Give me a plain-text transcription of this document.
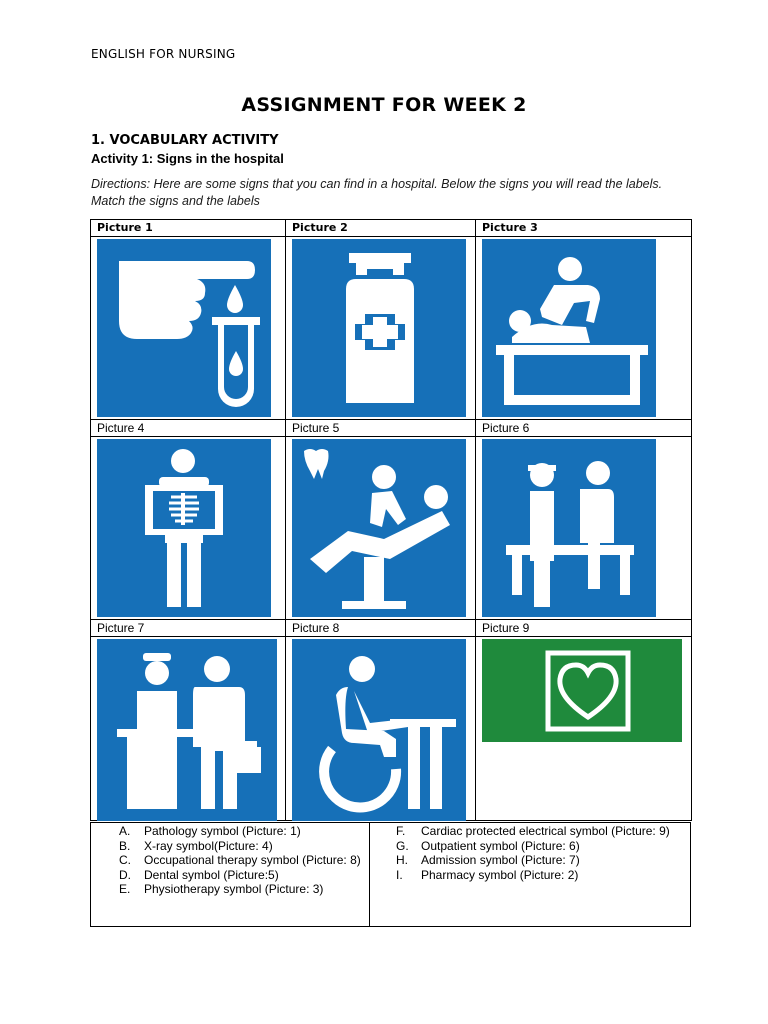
ENGLISH FOR NURSING
ASSIGNMENT FOR WEEK 2
1. VOCABULARY ACTIVITY
Activity 1: Signs in the hospital
Directions: Here are some signs that you can find in a hospital. Below the signs you will read the labels. Match the signs and the labels
Picture 1	Picture 2	Picture 3
Picture 4	Picture 5	Picture 6
Picture 7	Picture 8	Picture 9
A.	Pathology symbol (Picture: 1)
B.	X-ray symbol(Picture: 4)
C.	Occupational therapy symbol (Picture: 8)
D.	Dental symbol (Picture:5)
E.	Physiotherapy symbol (Picture: 3)
F.	Cardiac protected electrical symbol (Picture: 9)
G.	Outpatient symbol (Picture: 6)
H.	Admission symbol (Picture: 7)
I.	Pharmacy symbol (Picture: 2)
